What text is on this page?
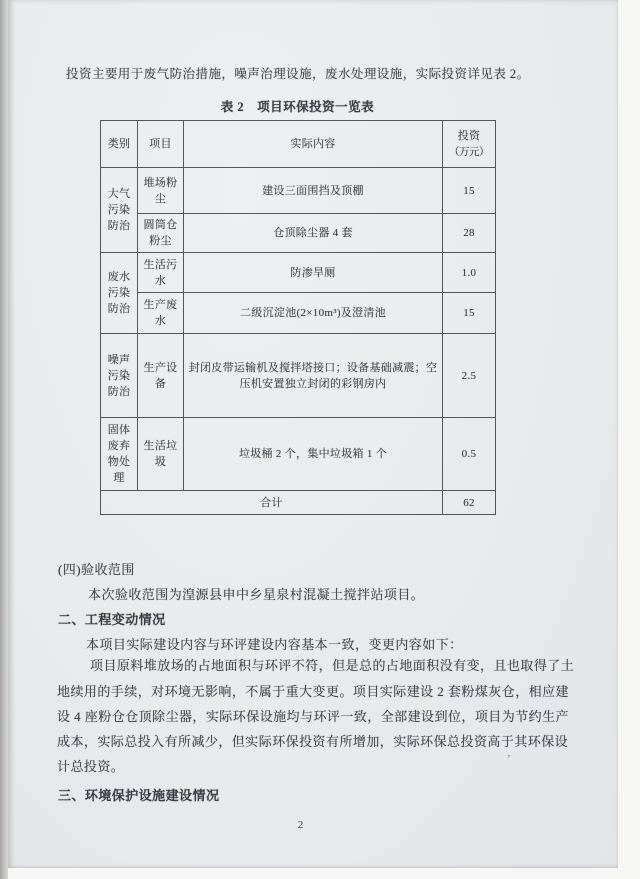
投资主要用于废气防治措施，噪声治理设施，废水处理设施，实际投资详见表 2。
表 2　项目环保投资一览表
类别	项目	实际内容	投资
（万元）

大气污染防治	堆场粉尘	建设三面围挡及顶棚	15
	圆筒仓粉尘	仓顶除尘器 4 套	28
废水污染防治	生活污水	防渗旱厕	1.0
	生产废水	二级沉淀池(2×10m³)及澄清池	15
噪声污染防治	生产设备	封闭皮带运输机及搅拌塔接口；设备基础减震；空压机安置独立封闭的彩钢房内	2.5
固体废弃物处理	生活垃圾	垃圾桶 2 个，集中垃圾箱 1 个	0.5
合计			62
(四)验收范围
本次验收范围为湟源县申中乡星泉村混凝土搅拌站项目。
二、工程变动情况
本项目实际建设内容与环评建设内容基本一致，变更内容如下：
项目原料堆放场的占地面积与环评不符，但是总的占地面积没有变，且也取得了土
地续用的手续，对环境无影响，不属于重大变更。项目实际建设 2 套粉煤灰仓，相应建
设 4 座粉仓仓顶除尘器，实际环保设施均与环评一致，全部建设到位，项目为节约生产
成本，实际总投入有所减少，但实际环保投资有所增加，实际环保总投资高于其环保设
计总投资。	’
三、环境保护设施建设情况
2
